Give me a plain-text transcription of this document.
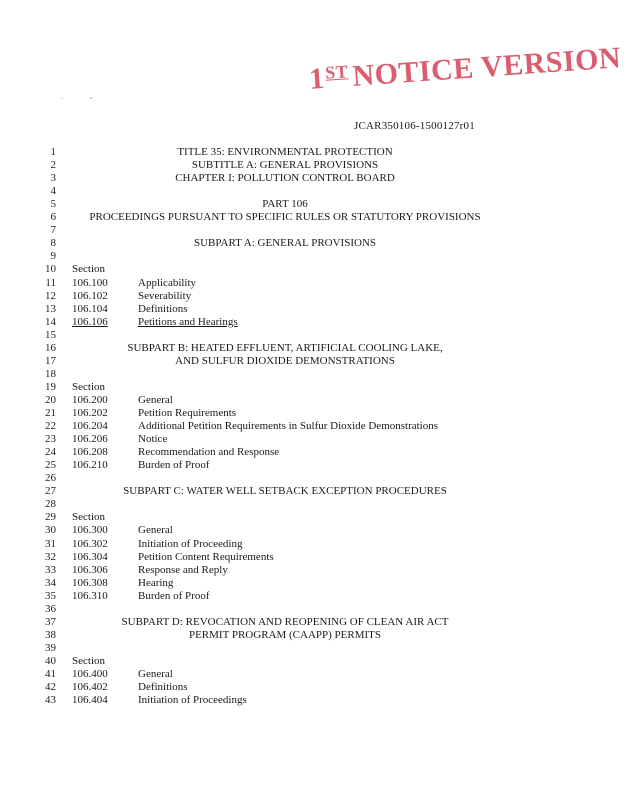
1STNOTICE VERSION
JCAR350106-1500127r01
1	TITLE 35: ENVIRONMENTAL PROTECTION
2	SUBTITLE A: GENERAL PROVISIONS
3	CHAPTER I: POLLUTION CONTROL BOARD
4
5	PART 106
6	PROCEEDINGS PURSUANT TO SPECIFIC RULES OR STATUTORY PROVISIONS
7
8	SUBPART A: GENERAL PROVISIONS
9
10 Section
11 106.100	Applicability
12 106.102	Severability
13 106.104	Definitions
14 106.106	Petitions and Hearings
15
16	SUBPART B: HEATED EFFLUENT, ARTIFICIAL COOLING LAKE,
17	AND SULFUR DIOXIDE DEMONSTRATIONS
18
19 Section
20 106.200	General
21 106.202	Petition Requirements
22 106.204	Additional Petition Requirements in Sulfur Dioxide Demonstrations
23 106.206	Notice
24 106.208	Recommendation and Response
25 106.210	Burden of Proof
26
27	SUBPART C: WATER WELL SETBACK EXCEPTION PROCEDURES
28
29 Section
30 106.300	General
31 106.302	Initiation of Proceeding
32 106.304	Petition Content Requirements
33 106.306	Response and Reply
34 106.308	Hearing
35 106.310	Burden of Proof
36
37	SUBPART D: REVOCATION AND REOPENING OF CLEAN AIR ACT
38	PERMIT PROGRAM (CAAPP) PERMITS
39
40 Section
41 106.400	General
42 106.402	Definitions
43 106.404	Initiation of Proceedings
